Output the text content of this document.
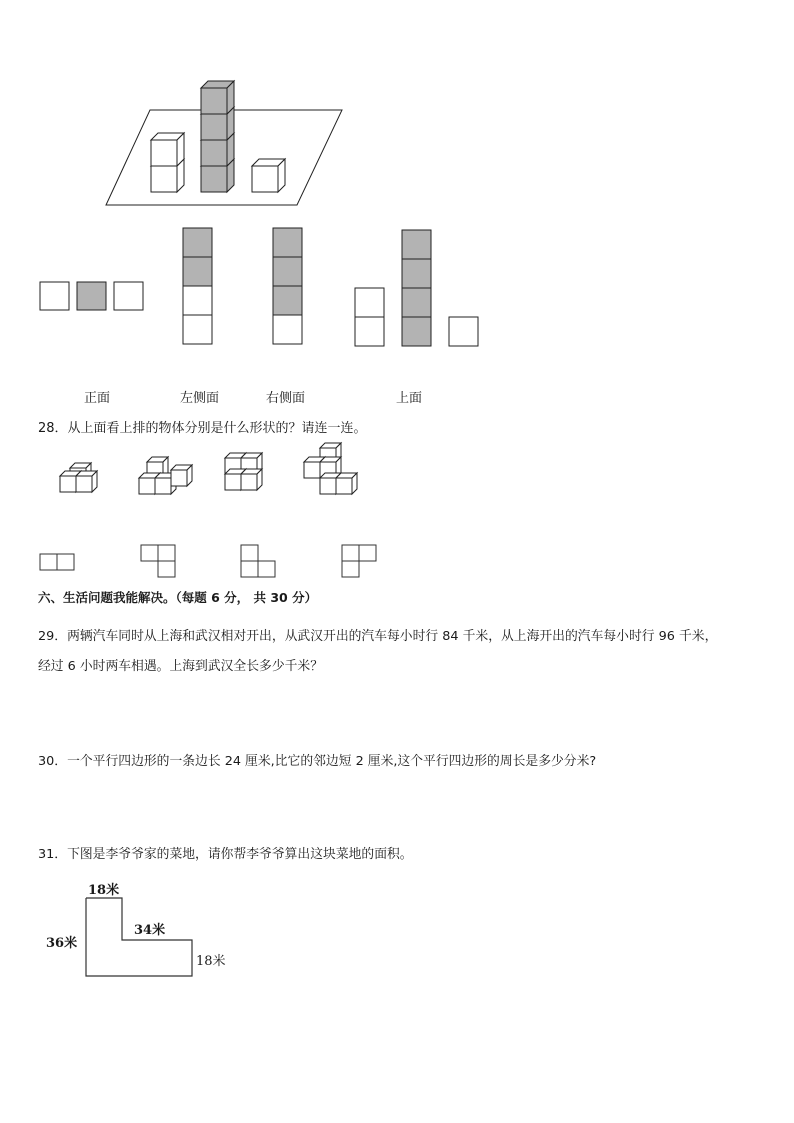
正面	左侧面	右侧面	上面
28．从上面看上排的物体分别是什么形状的？请连一连。
六、生活问题我能解决。（每题 6 分， 共 30 分）
29．两辆汽车同时从上海和武汉相对开出，从武汉开出的汽车每小时行 84 千米，从上海开出的汽车每小时行 96 千米，
经过 6 小时两车相遇。上海到武汉全长多少千米？
30．一个平行四边形的一条边长 24 厘米,比它的邻边短 2 厘米,这个平行四边形的周长是多少分米?
31．下图是李爷爷家的菜地，请你帮李爷爷算出这块菜地的面积。
18米
36米
34米
18米
